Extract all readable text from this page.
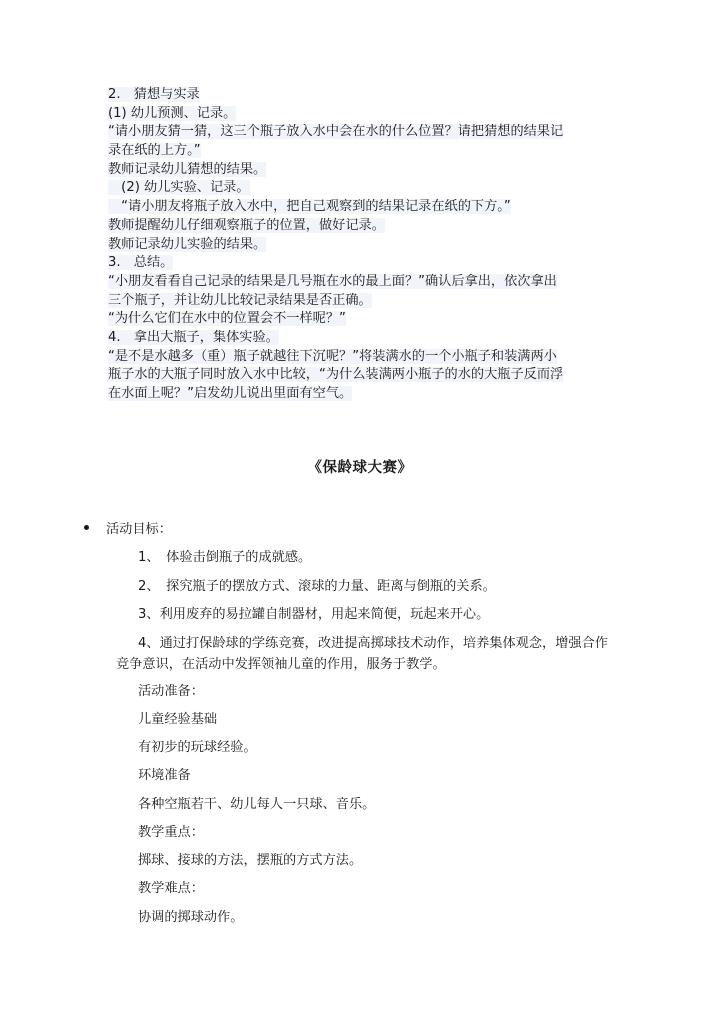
2.　猜想与实录
(1) 幼儿预测、记录。
“请小朋友猜一猜，这三个瓶子放入水中会在水的什么位置？请把猜想的结果记
录在纸的上方。”
教师记录幼儿猜想的结果。
　(2) 幼儿实验、记录。
　“请小朋友将瓶子放入水中，把自己观察到的结果记录在纸的下方。”
教师提醒幼儿仔细观察瓶子的位置，做好记录。
教师记录幼儿实验的结果。
3.　总结。
“小朋友看看自己记录的结果是几号瓶在水的最上面？”确认后拿出，依次拿出
三个瓶子，并让幼儿比较记录结果是否正确。
“为什么它们在水中的位置会不一样呢？”
4.　拿出大瓶子，集体实验。
“是不是水越多（重）瓶子就越往下沉呢？”将装满水的一个小瓶子和装满两小
瓶子水的大瓶子同时放入水中比较，“为什么装满两小瓶子的水的大瓶子反而浮
在水面上呢？”启发幼儿说出里面有空气。
《保龄球大赛》
活动目标：
1、　体验击倒瓶子的成就感。
2、　探究瓶子的摆放方式、滚球的力量、距离与倒瓶的关系。
3、利用废弃的易拉罐自制器材，用起来简便，玩起来开心。
4、通过打保龄球的学练竞赛，改进提高掷球技术动作，培养集体观念，增强合作竞争意识，在活动中发挥领袖儿童的作用，服务于教学。
活动准备：
儿童经验基础
有初步的玩球经验。
环境准备
各种空瓶若干、幼儿每人一只球、音乐。
教学重点：
掷球、接球的方法，摆瓶的方式方法。
教学难点：
协调的掷球动作。
